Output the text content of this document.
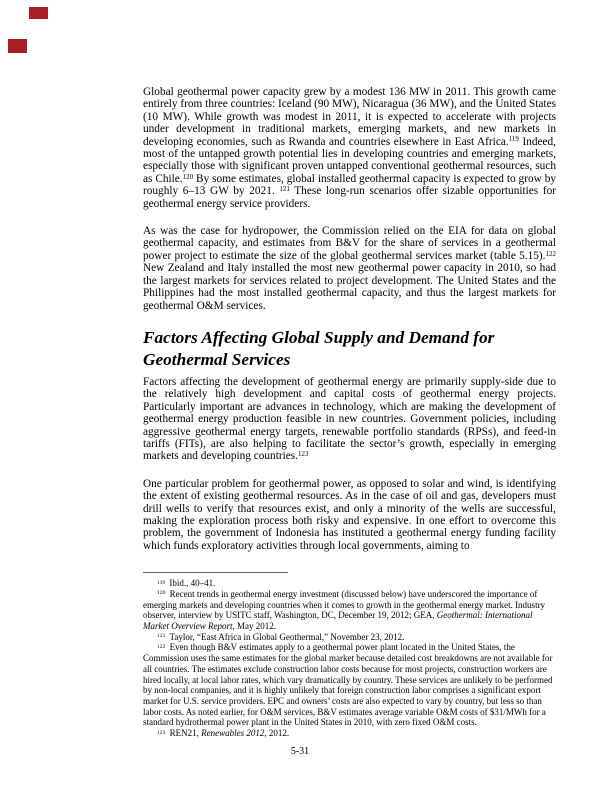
Global geothermal power capacity grew by a modest 136 MW in 2011. This growth came entirely from three countries: Iceland (90 MW), Nicaragua (36 MW), and the United States (10 MW). While growth was modest in 2011, it is expected to accelerate with projects under development in traditional markets, emerging markets, and new markets in developing economies, such as Rwanda and countries elsewhere in East Africa.$^{119}$ Indeed, most of the untapped growth potential lies in developing countries and emerging markets, especially those with significant proven untapped conventional geothermal resources, such as Chile.$^{120}$ By some estimates, global installed geothermal capacity is expected to grow by roughly 6–13 GW by 2021. $^{121}$ These long-run scenarios offer sizable opportunities for geothermal energy service providers.

As was the case for hydropower, the Commission relied on the EIA for data on global geothermal capacity, and estimates from B&V for the share of services in a geothermal power project to estimate the size of the global geothermal services market (table 5.15).$^{122}$ New Zealand and Italy installed the most new geothermal power capacity in 2010, so had the largest markets for services related to project development. The United States and the Philippines had the most installed geothermal capacity, and thus the largest markets for geothermal O&M services.

Factors Affecting Global Supply and Demand for Geothermal Services

Factors affecting the development of geothermal energy are primarily supply-side due to the relatively high development and capital costs of geothermal energy projects. Particularly important are advances in technology, which are making the development of geothermal energy production feasible in new countries. Government policies, including aggressive geothermal energy targets, renewable portfolio standards (RPSs), and feed-in tariffs (FITs), are also helping to facilitate the sector’s growth, especially in emerging markets and developing countries.$^{123}$

One particular problem for geothermal power, as opposed to solar and wind, is identifying the extent of existing geothermal resources. As in the case of oil and gas, developers must drill wells to verify that resources exist, and only a minority of the wells are successful, making the exploration process both risky and expensive. In one effort to overcome this problem, the government of Indonesia has instituted a geothermal energy funding facility which funds exploratory activities through local governments, aiming to

$^{119}$ Ibid., 40–41.
$^{120}$ Recent trends in geothermal energy investment (discussed below) have underscored the importance of emerging markets and developing countries when it comes to growth in the geothermal energy market. Industry observer, interview by USITC staff, Washington, DC, December 19, 2012; GEA, Geothermal: International Market Overview Report, May 2012.
$^{121}$ Taylor, “East Africa in Global Geothermal,” November 23, 2012.
$^{122}$ Even though B&V estimates apply to a geothermal power plant located in the United States, the Commission uses the same estimates for the global market because detailed cost breakdowns are not available for all countries. The estimates exclude construction labor costs because for most projects, construction workers are hired locally, at local labor rates, which vary dramatically by country. These services are unlikely to be performed by non-local companies, and it is highly unlikely that foreign construction labor comprises a significant export market for U.S. service providers. EPC and owners’ costs are also expected to vary by country, but less so than labor costs. As noted earlier, for O&M services, B&V estimates average variable O&M costs of $31/MWh for a standard hydrothermal power plant in the United States in 2010, with zero fixed O&M costs.
$^{123}$ REN21, Renewables 2012, 2012.
5-31
